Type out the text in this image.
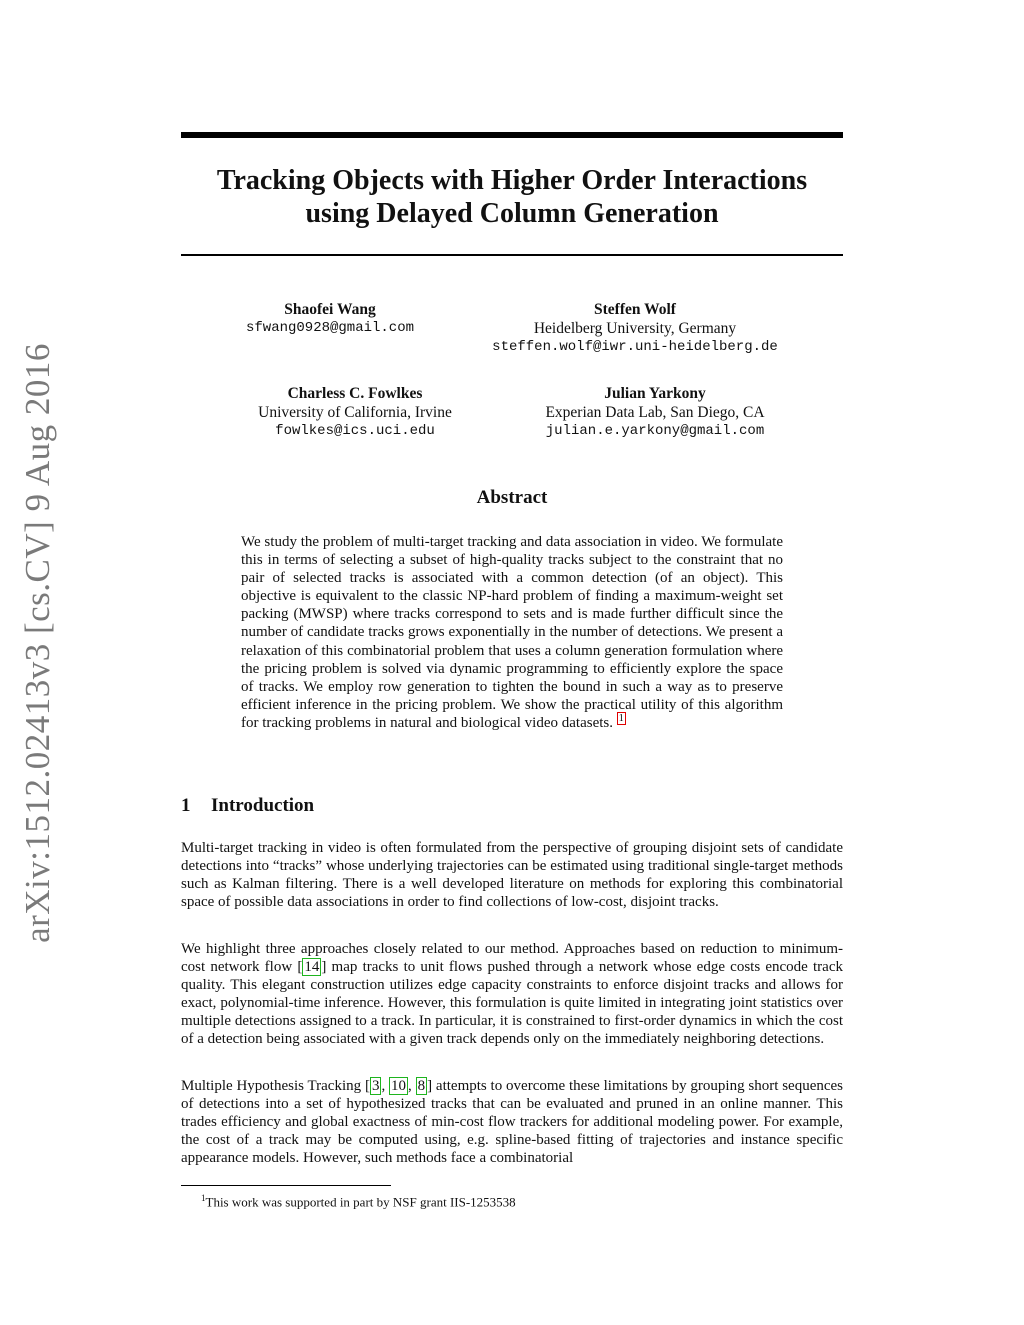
arXiv:1512.02413v3 [cs.CV] 9 Aug 2016
Tracking Objects with Higher Order Interactions
using Delayed Column Generation
Shaofei Wang
sfwang0928@gmail.com
Steffen Wolf
Heidelberg University, Germany
steffen.wolf@iwr.uni-heidelberg.de
Charless C. Fowlkes
University of California, Irvine
fowlkes@ics.uci.edu
Julian Yarkony
Experian Data Lab, San Diego, CA
julian.e.yarkony@gmail.com
Abstract
We study the problem of multi-target tracking and data association in video. We formulate this in terms of selecting a subset of high-quality tracks subject to the constraint that no pair of selected tracks is associated with a common detection (of an object). This objective is equivalent to the classic NP-hard problem of finding a maximum-weight set packing (MWSP) where tracks correspond to sets and is made further difficult since the number of candidate tracks grows exponentially in the number of detections. We present a relaxation of this combinatorial problem that uses a column generation formulation where the pricing problem is solved via dynamic programming to efficiently explore the space of tracks. We employ row generation to tighten the bound in such a way as to preserve efficient inference in the pricing problem. We show the practical utility of this algorithm for tracking problems in natural and biological video datasets. $^1$
1 Introduction
Multi-target tracking in video is often formulated from the perspective of grouping disjoint sets of candidate detections into “tracks” whose underlying trajectories can be estimated using traditional single-target methods such as Kalman filtering. There is a well developed literature on methods for exploring this combinatorial space of possible data associations in order to find collections of low-cost, disjoint tracks.
We highlight three approaches closely related to our method. Approaches based on reduction to minimum-cost network flow [ 14 ] map tracks to unit flows pushed through a network whose edge costs encode track quality. This elegant construction utilizes edge capacity constraints to enforce disjoint tracks and allows for exact, polynomial-time inference. However, this formulation is quite limited in integrating joint statistics over multiple detections assigned to a track. In particular, it is constrained to first-order dynamics in which the cost of a detection being associated with a given track depends only on the immediately neighboring detections.
Multiple Hypothesis Tracking [ 3 , 10 , 8 ] attempts to overcome these limitations by grouping short sequences of detections into a set of hypothesized tracks that can be evaluated and pruned in an online manner. This trades efficiency and global exactness of min-cost flow trackers for additional modeling power. For example, the cost of a track may be computed using, e.g. spline-based fitting of trajectories and instance specific appearance models. However, such methods face a combinatorial
$^1$This work was supported in part by NSF grant IIS-1253538
